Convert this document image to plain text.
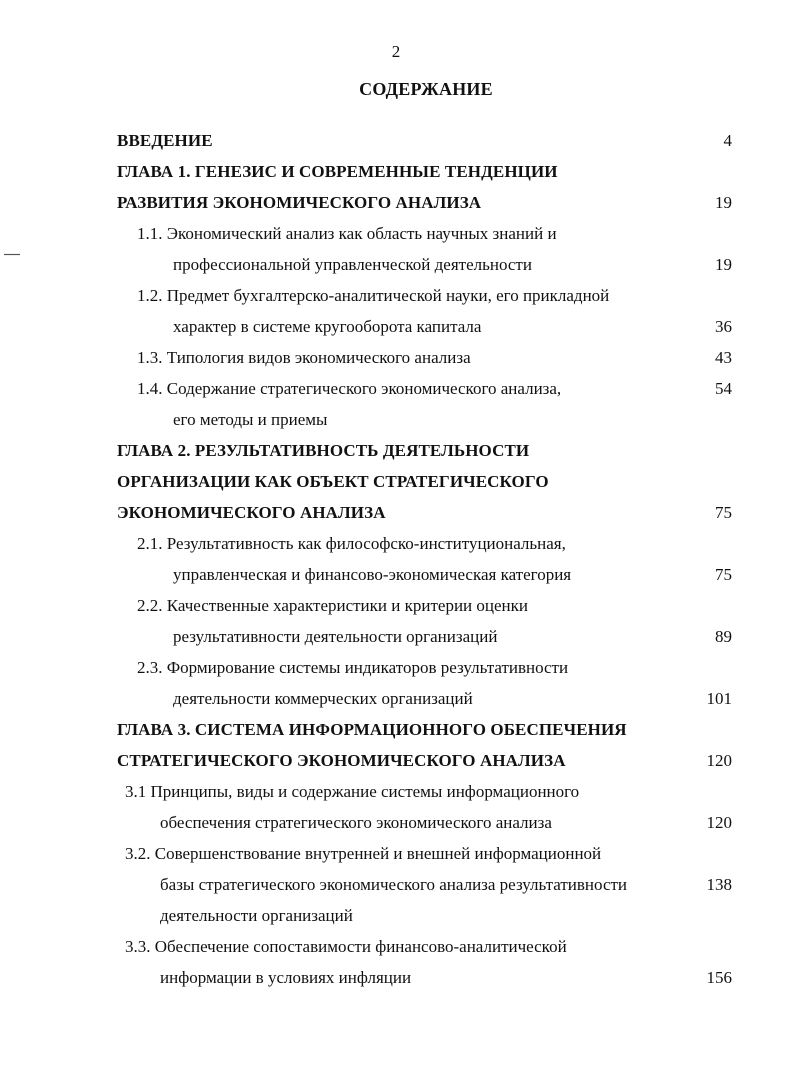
2
СОДЕРЖАНИЕ
ВВЕДЕНИЕ	4
ГЛАВА 1. ГЕНЕЗИС И СОВРЕМЕННЫЕ ТЕНДЕНЦИИ
РАЗВИТИЯ ЭКОНОМИЧЕСКОГО АНАЛИЗА	19
1.1. Экономический анализ как область научных знаний и
профессиональной управленческой деятельности	19
1.2. Предмет бухгалтерско-аналитической науки, его прикладной
характер в системе кругооборота капитала	36
1.3. Типология видов экономического анализа	43
1.4. Содержание стратегического экономического анализа,	54
его методы и приемы
ГЛАВА 2. РЕЗУЛЬТАТИВНОСТЬ ДЕЯТЕЛЬНОСТИ
ОРГАНИЗАЦИИ КАК ОБЪЕКТ СТРАТЕГИЧЕСКОГО
ЭКОНОМИЧЕСКОГО АНАЛИЗА	75
2.1. Результативность как философско-институциональная,
управленческая и финансово-экономическая категория	75
2.2. Качественные характеристики и критерии оценки
результативности деятельности организаций	89
2.3. Формирование системы индикаторов результативности
деятельности коммерческих организаций	101
ГЛАВА 3. СИСТЕМА ИНФОРМАЦИОННОГО ОБЕСПЕЧЕНИЯ
СТРАТЕГИЧЕСКОГО ЭКОНОМИЧЕСКОГО АНАЛИЗА	120
3.1 Принципы, виды и содержание системы информационного
обеспечения стратегического экономического анализа	120
3.2. Совершенствование внутренней и внешней информационной
базы стратегического экономического анализа результативности	138
деятельности организаций
3.3. Обеспечение сопоставимости финансово-аналитической
информации в условиях инфляции	156
